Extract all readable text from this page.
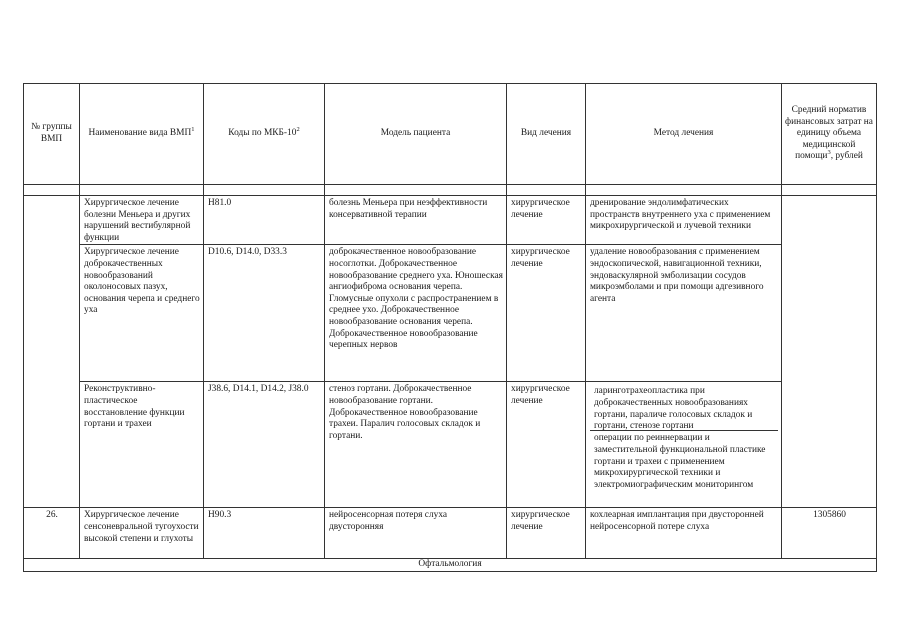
№ группы ВМП	Наименование вида ВМП$^1$	Коды по МКБ-$10^2$	Модель пациента	Вид лечения	Метод лечения	Средний норматив финансовых затрат на единицу объема медицинской помощи$^3$, рублей

	Хирургическое лечение болезни Меньера и других нарушений вестибулярной функции	H81.0	болезнь Меньера при неэффективности консервативной терапии	хирургическое лечение	дренирование эндолимфатических пространств внутреннего уха с применением микрохирургической и лучевой техники	
	Хирургическое лечение доброкачественных новообразований околоносовых пазух, основания черепа и среднего уха	D10.6, D14.0, D33.3	доброкачественное новообразование носоглотки. Доброкачественное новообразование среднего уха. Юношеская ангиофиброма основания черепа. Гломусные опухоли с распространением в среднее ухо. Доброкачественное новообразование основания черепа. Доброкачественное новообразование черепных нервов	хирургическое лечение	удаление новообразования с применением эндоскопической, навигационной техники, эндоваскулярной эмболизации сосудов микроэмболами и при помощи адгезивного агента	
	Реконструктивно-пластическое восстановление функции гортани и трахеи	J38.6, D14.1, D14.2, J38.0	стеноз гортани. Доброкачественное новообразование гортани. Доброкачественное новообразование трахеи. Паралич голосовых складок и гортани.	хирургическое лечение	ларинготрахеопластика при доброкачественных новообразованиях гортани, параличе голосовых складок и гортани, стенозе гортани
операции по реиннервации и заместительной функциональной пластике гортани и трахеи с применением микрохирургической техники и электромиографическим мониторингом	

26.	Хирургическое лечение сенсоневральной тугоухости высокой степени и глухоты	H90.3	нейросенсорная потеря слуха двусторонняя	хирургическое лечение	кохлеарная имплантация при двусторонней нейросенсорной потере слуха	1305860
Офтальмология						
